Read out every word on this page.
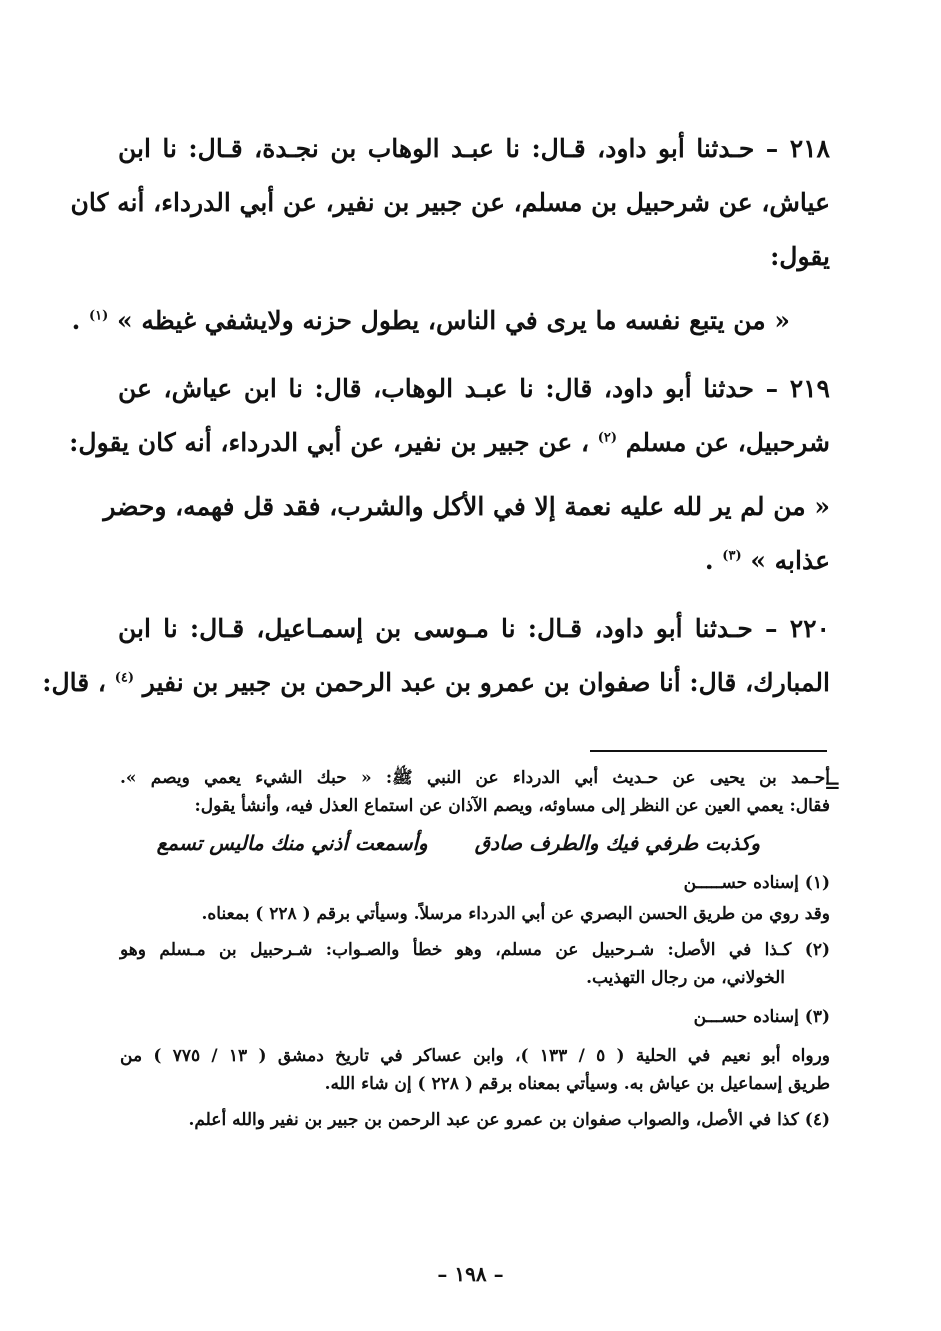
٢١٨ – حـدثنا أبو داود، قـال: نا عبـد الوهاب بن نجـدة، قـال: نا ابن
عياش، عن شرحبيل بن مسلم، عن جبير بن نفير، عن أبي الدرداء، أنه كان
يقول:
« من يتبع نفسه ما يرى في الناس، يطول حزنه ولايشفي غيظه » $^{(١)}$ .
٢١٩ – حدثنا أبو داود، قال: نا عبـد الوهاب، قال: نا ابن عياش، عن
شرحبيل، عن مسلم $^{(٢)}$ ، عن جبير بن نفير، عن أبي الدرداء، أنه كان يقول:
« من لم ير لله عليه نعمة إلا في الأكل والشرب، فقد قل فهمه، وحضر
عذابه » $^{(٣)}$ .
٢٢٠ – حـدثنا أبو داود، قـال: نا مـوسى بن إسمـاعيل، قـال: نا ابن
المبارك، قال: أنا صفوان بن عمرو بن عبد الرحمن بن جبير بن نفير $^{(٤)}$ ، قال:
=
أحـمد بن يحيى عن حـديث أبي الدرداء عن النبي ﷺ: « حبك الشيء يعمي ويصم ».
فقال: يعمي العين عن النظر إلى مساوئه، ويصم الآذان عن استماع العذل فيه، وأنشأ يقول:
وكذبت طرفي فيك والطرف صادق وأسمعت أذني منك ماليس تسمع
(١) إسناده حســـــن
وقد روي من طريق الحسن البصري عن أبي الدرداء مرسلاً. وسيأتي برقم ( ٢٢٨ ) بمعناه.
(٢) كـذا في الأصل: شـرحبيل عن مسلم، وهو خطأ والصـواب: شـرحبيل بن مـسلم وهو
الخولاني، من رجال التهذيب.
(٣) إسناده حســـن
ورواه أبو نعيم في الحلية ( ٥ / ١٣٣ )، وابن عساكر في تاريخ دمشق ( ١٣ / ٧٧٥ ) من
طريق إسماعيل بن عياش به. وسيأتي بمعناه برقم ( ٢٢٨ ) إن شاء الله.
(٤) كذا في الأصل، والصواب صفوان بن عمرو عن عبد الرحمن بن جبير بن نفير والله أعلم.
– ١٩٨ –
